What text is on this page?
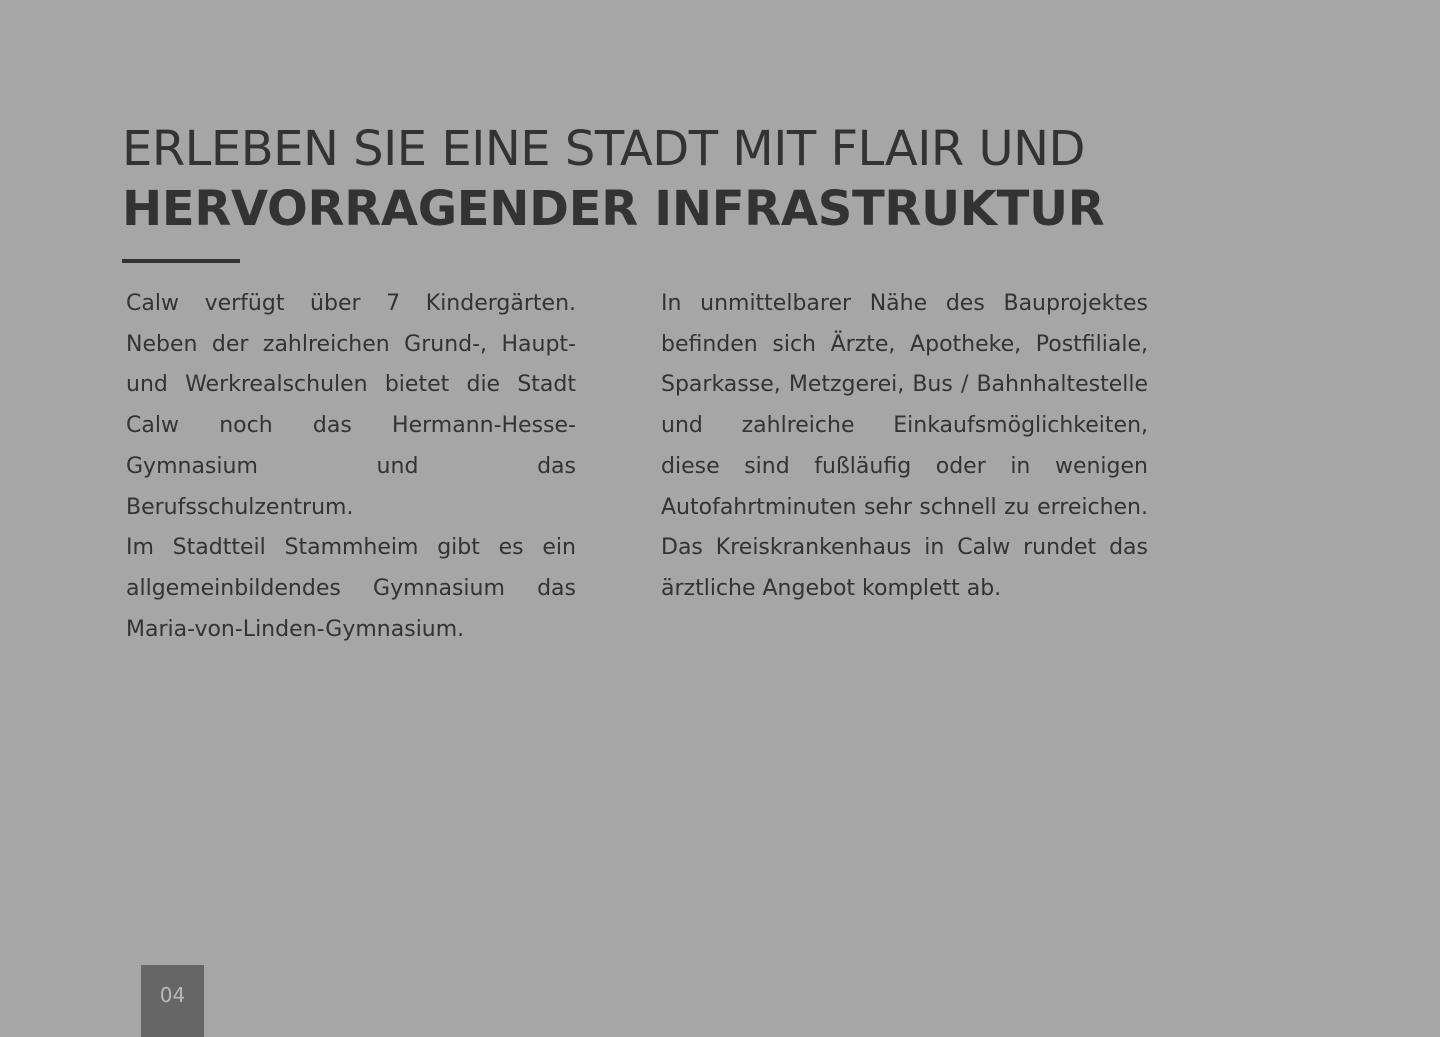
ERLEBEN SIE EINE STADT MIT FLAIR UND
HERVORRAGENDER INFRASTRUKTUR

Calw verfügt über 7 Kindergärten. Neben der zahlreichen Grund-, Haupt- und Werkrealschulen bietet die Stadt Calw noch das Hermann-Hesse-Gymnasium und das Berufsschulzentrum.

Im Stadtteil Stammheim gibt es ein allgemeinbildendes Gymnasium das Maria-von-Linden-Gymnasium.

In unmittelbarer Nähe des Bauprojektes befinden sich Ärzte, Apotheke, Postfiliale, Sparkasse, Metzgerei, Bus / Bahnhaltestelle und zahlreiche Einkaufsmöglichkeiten, diese sind fußläufig oder in wenigen Autofahrtminuten sehr schnell zu erreichen. Das Kreiskrankenhaus in Calw rundet das ärztliche Angebot komplett ab.

04
